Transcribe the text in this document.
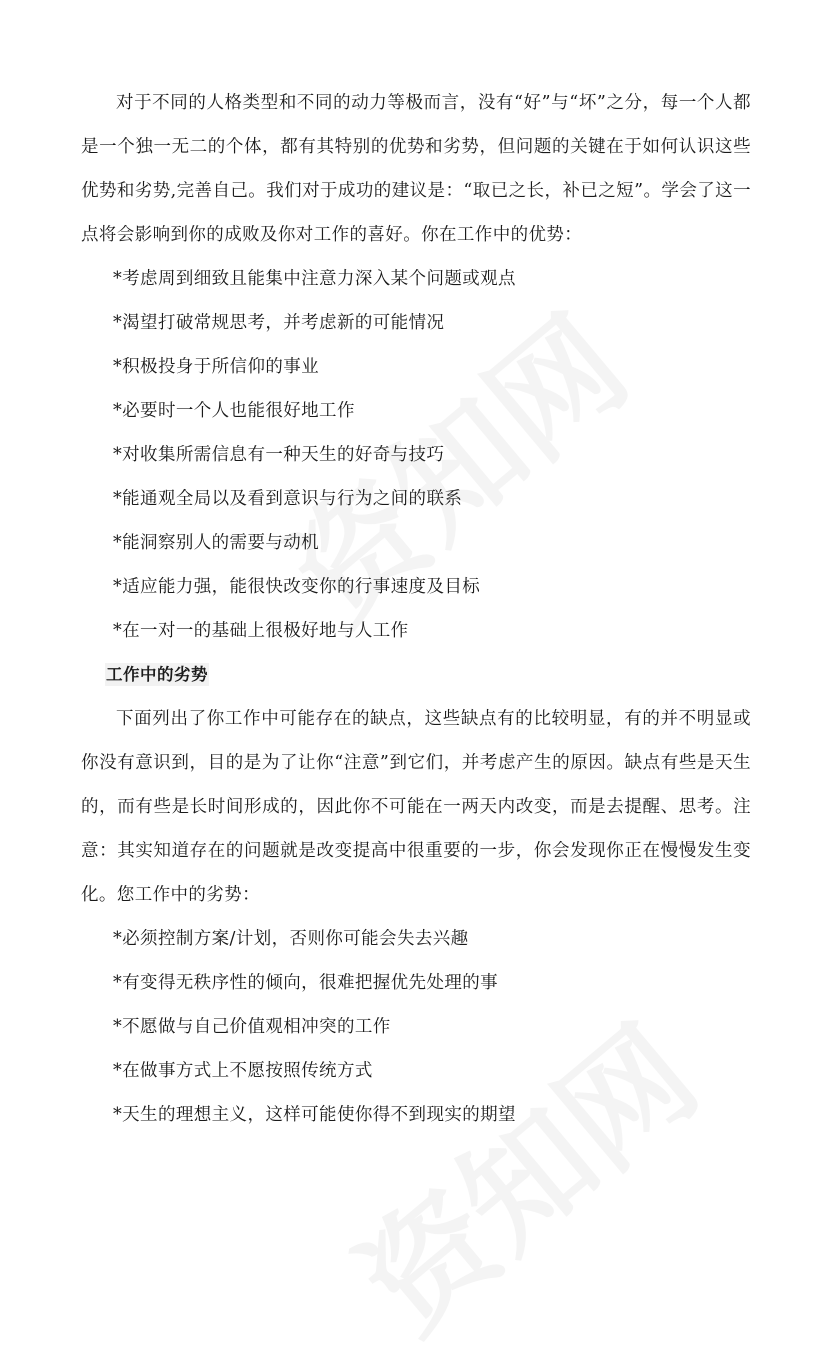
对于不同的人格类型和不同的动力等极而言，没有“好”与“坏”之分，每一个人都是一个独一无二的个体，都有其特别的优势和劣势，但问题的关键在于如何认识这些优势和劣势,完善自己。我们对于成功的建议是：“取已之长，补已之短”。学会了这一点将会影响到你的成败及你对工作的喜好。你在工作中的优势：

*考虑周到细致且能集中注意力深入某个问题或观点

*渴望打破常规思考，并考虑新的可能情况

*积极投身于所信仰的事业

*必要时一个人也能很好地工作

*对收集所需信息有一种天生的好奇与技巧

*能通观全局以及看到意识与行为之间的联系

*能洞察别人的需要与动机

*适应能力强，能很快改变你的行事速度及目标

*在一对一的基础上很极好地与人工作

工作中的劣势

下面列出了你工作中可能存在的缺点，这些缺点有的比较明显，有的并不明显或你没有意识到，目的是为了让你“注意”到它们，并考虑产生的原因。缺点有些是天生的，而有些是长时间形成的，因此你不可能在一两天内改变，而是去提醒、思考。注意：其实知道存在的问题就是改变提高中很重要的一步，你会发现你正在慢慢发生变化。您工作中的劣势：

*必须控制方案/计划，否则你可能会失去兴趣

*有变得无秩序性的倾向，很难把握优先处理的事

*不愿做与自己价值观相冲突的工作

*在做事方式上不愿按照传统方式

*天生的理想主义，这样可能使你得不到现实的期望
